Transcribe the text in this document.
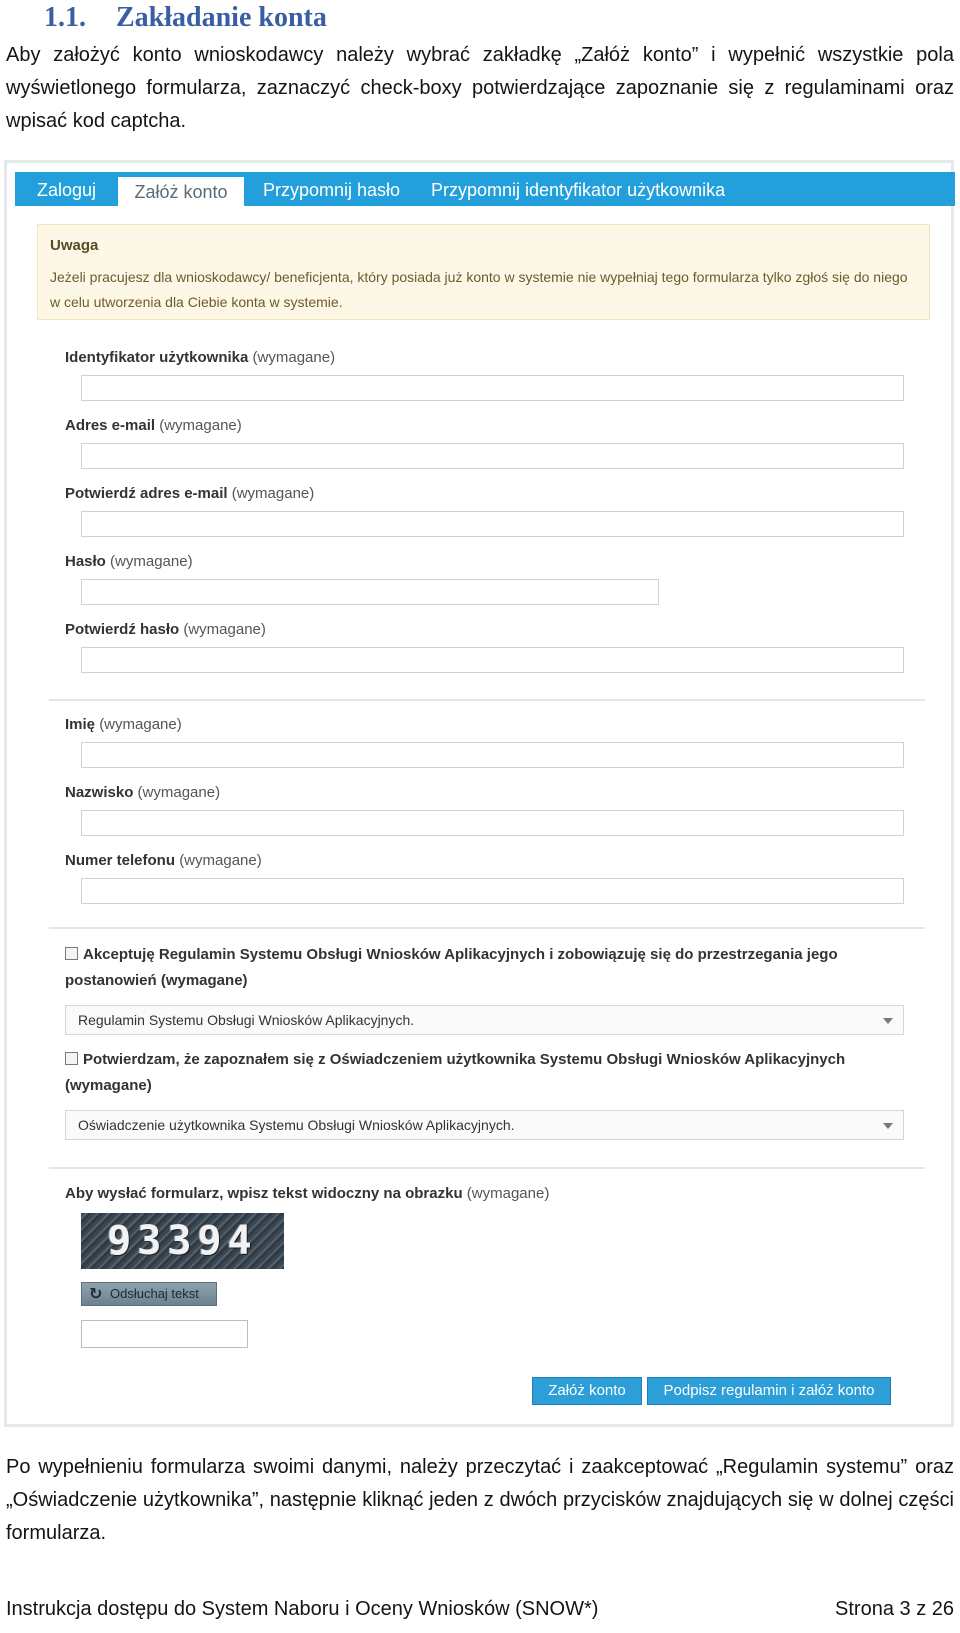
1.1.	Zakładanie konta
Aby założyć konto wnioskodawcy należy wybrać zakładkę „Załóż konto” i wypełnić wszystkie pola wyświetlonego formularza, zaznaczyć check-boxy potwierdzające zapoznanie się z regulaminami oraz wpisać kod captcha.
Zaloguj	Załóż konto	Przypomnij hasło Przypomnij identyfikator użytkownika
Uwaga
Jeżeli pracujesz dla wnioskodawcy/ beneficjenta, który posiada już konto w systemie nie wypełniaj tego formularza tylko zgłoś się do niego w celu utworzenia dla Ciebie konta w systemie.
Identyfikator użytkownika (wymagane)
Adres e-mail (wymagane)
Potwierdź adres e-mail (wymagane)
Hasło (wymagane)
Potwierdź hasło (wymagane)
Imię (wymagane)
Nazwisko (wymagane)
Numer telefonu (wymagane)
Akceptuję Regulamin Systemu Obsługi Wniosków Aplikacyjnych i zobowiązuję się do przestrzegania jego postanowień (wymagane)
Regulamin Systemu Obsługi Wniosków Aplikacyjnych.
Potwierdzam, że zapoznałem się z Oświadczeniem użytkownika Systemu Obsługi Wniosków Aplikacyjnych (wymagane)
Oświadczenie użytkownika Systemu Obsługi Wniosków Aplikacyjnych.
Aby wysłać formularz, wpisz tekst widoczny na obrazku (wymagane)
93394
↻ Odsłuchaj tekst
Załóż konto	Podpisz regulamin i załóż konto
Po wypełnieniu formularza swoimi danymi, należy przeczytać i zaakceptować „Regulamin systemu” oraz „Oświadczenie użytkownika”, następnie kliknąć jeden z dwóch przycisków znajdujących się w dolnej części formularza.
Instrukcja dostępu do System Naboru i Oceny Wniosków (SNOW*)	Strona 3 z 26
